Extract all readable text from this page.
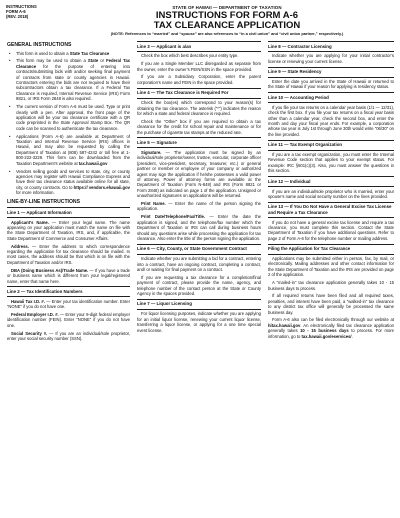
INSTRUCTIONS
FORM A-6
(REV. 2018)
STATE OF HAWAII — DEPARTMENT OF TAXATION
INSTRUCTIONS FOR FORM A-6
TAX CLEARANCE APPLICATION
(NOTE: References to “married” and “spouse” are also references to “in a civil union” and “civil union partner,” respectively.)
GENERAL INSTRUCTIONS
• This form is used to obtain a State Tax Clearance
• This form may be used to obtain a State or Federal Tax Clearance for the purpose of entering into contracts/submitting bids with and/or seeking final payment of contracts from state or county agencies in Hawaii. Contractors entering the bids are not required to have their subcontractors obtain a tax clearance. If a Federal Tax Clearance is required, Internal Revenue Service (IRS) Form 8821, or IRS Form 2848 is also required.
• The current version of Form A-6 must be used. Type or print clearly with a pen. After approval, the front page of the application will be your tax clearance certificate with a QR code preprinted in the State Approval Stamp Box. The QR code can be scanned to authenticate the tax clearance.
• Applications (Form A-6) are available at Department of Taxation and Internal Revenue Service (IRS) offices in Hawaii, and may also be requested by calling the Department of Taxation at (808) 587-4242 or toll free at 1-800-222-3229. This form can be downloaded from the Taxation Department’s website at tax.hawaii.gov
• Vendors selling goods and services to state, city, or county agencies may register with Hawaii Compliance Express and have their tax clearance status available online for all state, city, or county contracts. Go to https:// vendors.ehawaii.gov for more information.
LINE-BY-LINE INSTRUCTIONS
Line 1 — Applicant Information

Applicant’s Name. — Enter your legal name. The name appearing on your application must match the name on file with the State Department of Taxation, IRS, and, if applicable, the State Department of Commerce and Consumer Affairs.

Address. — Enter the address to which correspondence regarding the application for tax clearance should be mailed. In most cases, the address should be that which is on file with the Department of Taxation and/or IRS.

DBA (Doing Business As)/Trade Name. — If you have a trade or business name which is different from your legal/registered name, enter that name here.

Line 2 — Tax Identification Numbers

Hawaii Tax I.D. #. — Enter your tax identification number. Enter “NONE” if you do not have one.

Federal Employer I.D. #. — Enter your 9-digit federal employer identification number (FEIN). Enter “NONE” if you do not have one.

Social Security #. — If you are an individual/sole proprietor, enter your social security number (SSN).

Line 3 — Applicant is a/an

Check the box which best describes your entity type.

If you are a Single Member LLC disregarded as separate from the owner, enter the owner’s FEIN/SSN in the space provided.

If you are a Subsidiary Corporation, enter the parent corporation’s name and FEIN in the space provided.

Line 4 — The Tax Clearance is Required For

Check the box(es) which correspond to your reason(s) for obtaining the tax clearance. The asterisk (“*”) indicates the reason for which a state and federal clearance is required.

Check the “Other” box if you are required to obtain a tax clearance for the credit for school repair and maintenance or for the purchase of cigarette tax stamps at the reduced rate.

Line 5 — Signature

Signature. — The application must be signed by an individual/sole proprietor/owner, trustee, executor, corporate officer (president, vice-president, secretary, treasurer, etc.) or general partner or member or employee of your company or authorized agent may sign the application if he/she possesses a valid power of attorney. Power of attorney forms are available at the Department of Taxation (Form N-848) and IRS (Form 8821 or Form 2848) as indicated on page 1 of the application. Unsigned or unauthorized signatures on applications will be returned.

Print Name. — Enter the name of the person signing the application.

Print Date/Telephone/Fax/Title. — Enter the date the application is signed, and the telephone/fax number which the Department of Taxation or IRS can call during business hours should any questions arise while processing the application for tax clearance. Also enter the title of the person signing the application.

Line 6 — City, County, or State Government Contract

Indicate whether you are submitting a bid for a contract, entering into a contract, have an ongoing contract, completing a contract, and/ or waiting for final payment on a contract.

If you are requesting a tax clearance for a completion/final payment of contract, please provide the name, agency, and telephone number of the contact person at the State or County Agency in the spaces provided.

Line 7 — Liquor Licensing

For liquor licensing purposes, indicate whether you are applying for an initial liquor license, renewing your current liquor license, transferring a liquor license, or applying for a one time special event license.

Line 8 — Contractor Licensing

Indicate whether you are applying for your initial contractor’s license or renewing your current license.

Line 9 — State Residency

Enter the date you arrived in the State of Hawaii or returned to the State of Hawaii if your reason for applying is residency status.

Line 10 — Accounting Period

If you file your tax returns on a calendar year basis (1/1 — 12/31), check the first box. If you file your tax returns on a fiscal year basis other than a calendar year, check the second box, and enter the month and day your fiscal year ends. For example, a corporation whose tax year is July 1st through June 30th would write “06/30” on the line provided.

Line 11 — Tax Exempt Organization

If you are a tax exempt organization, you must enter the Internal Revenue Code section that applies to your exempt status. For example: IRC §501(c)(3). Also, you must answer the questions in this section.

Line 12 — Individual

If you are an individual/sole proprietor who is married, enter your spouse’s name and social security number on the lines provided.

Line 13 — If You Do Not Have a General Excise Tax License and Require a Tax Clearance

If you do not have a general excise tax license and require a tax clearance, you must complete this section. Contact the State Department of Taxation if you have additional questions. Refer to page 2 of Form A-6 for the telephone number or mailing address.

Filing the Application for Tax Clearance

Applications may be submitted either in person, fax, by mail, or electronically. Mailing addresses and other contact information for the State Department of Taxation and the IRS are provided on page 2 of the application.

A “mailed-in” tax clearance application generally takes 10 - 15 business days to process.

If all required returns have been filed and all required taxes, penalties, and interest have been paid, a “walked-in” tax clearance to any district tax office will generally be processed the same business day.

Form A-6 also can be filed electronically through our website at hitax.hawaii.gov. An electronically filed tax clearance application generally takes 10 - 15 business days to process. For more information, go to tax.hawaii.gov/eservices/.
